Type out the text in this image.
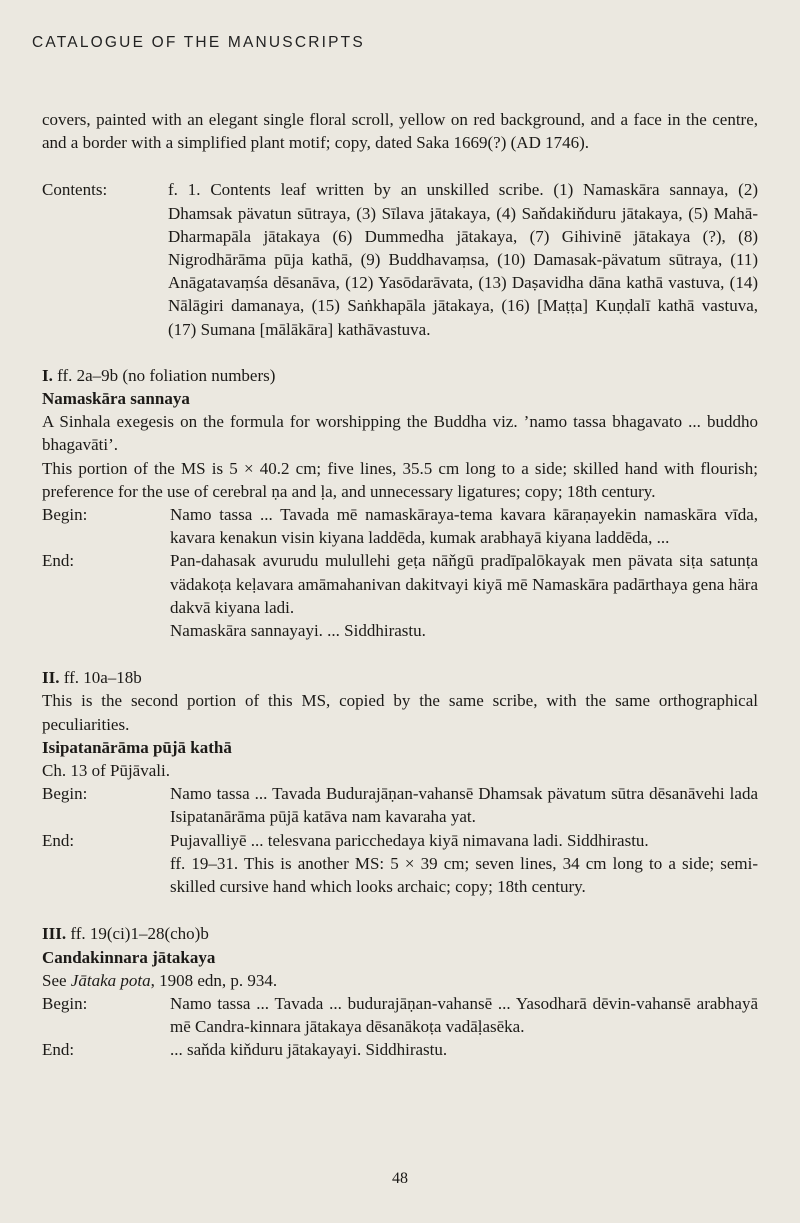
CATALOGUE OF THE MANUSCRIPTS

covers, painted with an elegant single floral scroll, yellow on red background, and a face in the centre, and a border with a simplified plant motif; copy, dated Saka 1669(?) (AD 1746).

Contents:	f. 1. Contents leaf written by an unskilled scribe. (1) Namaskāra sannaya, (2) Dhamsak pävatun sūtraya, (3) Sīlava jātakaya, (4) Saňdakiňduru jātakaya, (5) Mahā-Dharmapāla jātakaya (6) Dummedha jātakaya, (7) Gihivinē jātakaya (?), (8) Nigrodhārāma pūja kathā, (9) Buddhavaṃsa, (10) Damasak-pävatum sūtraya, (11) Anāgatavaṃśa dēsanāva, (12) Yasōdarāvata, (13) Daṣavidha dāna kathā vastuva, (14) Nālāgiri damanaya, (15) Saṅkhapāla jātakaya, (16) [Maṭṭa] Kuṇḍalī kathā vastuva, (17) Sumana [mālākāra] kathāvastuva.

I. ff. 2a–9b (no foliation numbers)

Namaskāra sannaya

A Sinhala exegesis on the formula for worshipping the Buddha viz. ’namo tassa bhagavato ... buddho bhagavāti’.

This portion of the MS is 5 × 40.2 cm; five lines, 35.5 cm long to a side; skilled hand with flourish; preference for the use of cerebral ṇa and ḷa, and unnecessary ligatures; copy; 18th century.

Begin:	Namo tassa ... Tavada mē namaskāraya-tema kavara kāraṇayekin namaskāra vīda, kavara kenakun visin kiyana laddēda, kumak arabhayā kiyana laddēda, ...
End:	Pan-dahasak avurudu mulullehi geṭa nāňgū pradīpalōkayak men pävata siṭa satunṭa vädakoṭa keḷavara amāmahanivan dakitvayi kiyā mē Namaskāra padārthaya gena hära dakvā kiyana ladi.

Namaskāra sannayayi. ... Siddhirastu.

II. ff. 10a–18b

This is the second portion of this MS, copied by the same scribe, with the same orthographical peculiarities.

Isipatanārāma pūjā kathā

Ch. 13 of Pūjāvali.

Begin:	Namo tassa ... Tavada Budurajāṇan-vahansē Dhamsak pävatum sūtra dēsanāvehi lada Isipatanārāma pūjā katāva nam kavaraha yat.
End:	Pujavalliyē ... telesvana paricchedaya kiyā nimavana ladi. Siddhirastu.

ff. 19–31. This is another MS: 5 × 39 cm; seven lines, 34 cm long to a side; semi-skilled cursive hand which looks archaic; copy; 18th century.

III. ff. 19(ci)1–28(cho)b

Candakinnara jātakaya

See Jātaka pota, 1908 edn, p. 934.

Begin:	Namo tassa ... Tavada ... budurajāṇan-vahansē ... Yasodharā dēvin-vahansē arabhayā mē Candra-kinnara jātakaya dēsanākoṭa vadāḷasēka.
End:	... saňda kiňduru jātakayayi. Siddhirastu.

48
